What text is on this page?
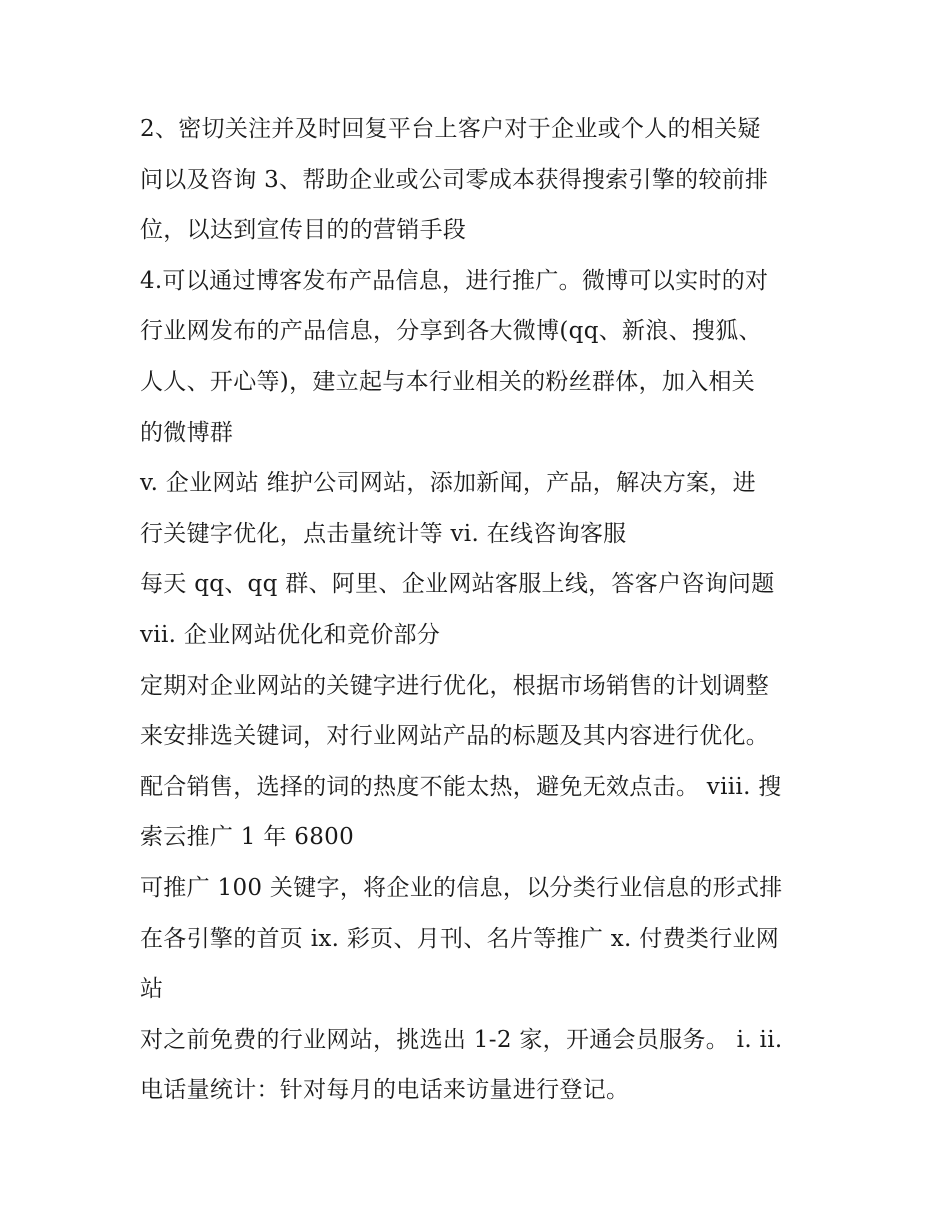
2、密切关注并及时回复平台上客户对于企业或个人的相关疑
问以及咨询 3、帮助企业或公司零成本获得搜索引擎的较前排
位，以达到宣传目的的营销手段
4.可以通过博客发布产品信息，进行推广。微博可以实时的对
行业网发布的产品信息，分享到各大微博(qq、新浪、搜狐、
人人、开心等)，建立起与本行业相关的粉丝群体，加入相关
的微博群
v. 企业网站 维护公司网站，添加新闻，产品，解决方案，进
行关键字优化，点击量统计等 vi. 在线咨询客服
每天 qq、qq 群、阿里、企业网站客服上线，答客户咨询问题
vii. 企业网站优化和竞价部分
定期对企业网站的关键字进行优化，根据市场销售的计划调整
来安排选关键词，对行业网站产品的标题及其内容进行优化。
配合销售，选择的词的热度不能太热，避免无效点击。 viii. 搜
索云推广 1 年 6800
可推广 100 关键字，将企业的信息，以分类行业信息的形式排
在各引擎的首页 ix. 彩页、月刊、名片等推广 x. 付费类行业网
站
对之前免费的行业网站，挑选出 1-2 家，开通会员服务。 i. ii.
电话量统计：针对每月的电话来访量进行登记。
